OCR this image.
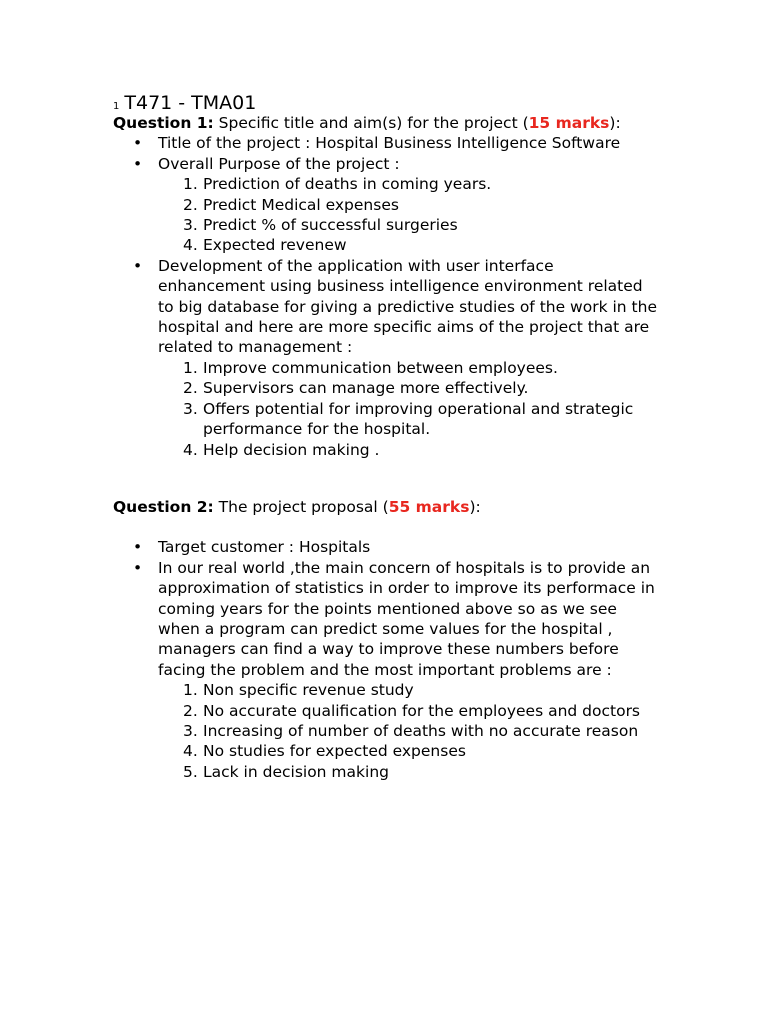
1 T471 - TMA01

Question 1: Specific title and aim(s) for the project (15 marks):

• Title of the project : Hospital Business Intelligence Software
• Overall Purpose of the project :
1. Prediction of deaths in coming years.
2. Predict Medical expenses
3. Predict % of successful surgeries
4. Expected revenew
• Development of the application with user interface enhancement using business intelligence environment related to big database for giving a predictive studies of the work in the hospital and here are more specific aims of the project that are related to management :
1. Improve communication between employees.
2. Supervisors can manage more effectively.
3. Offers potential for improving operational and strategic performance for the hospital.
4. Help decision making .

Question 2: The project proposal (55 marks):

• Target customer : Hospitals
• In our real world ,the main concern of hospitals is to provide an approximation of statistics in order to improve its performace in coming years for the points mentioned above so as we see when a program can predict some values for the hospital , managers can find a way to improve these numbers before facing the problem and the most important problems are :
1. Non specific revenue study
2. No accurate qualification for the employees and doctors
3. Increasing of number of deaths with no accurate reason
4. No studies for expected expenses
5. Lack in decision making
